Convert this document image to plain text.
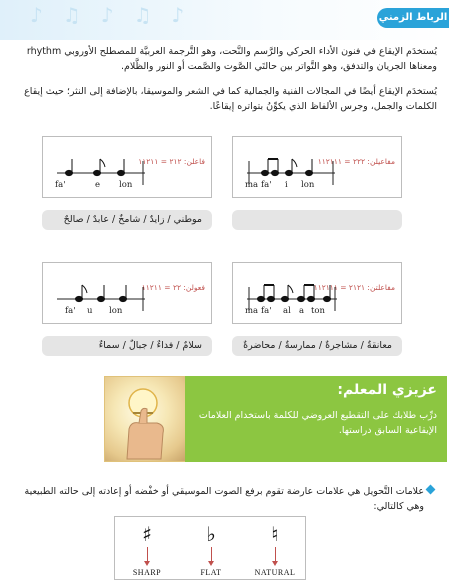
♪♫♪♫♪	الرباط الزمني
يُستخدَم الإيقاع في فنون الأداء الحركي والرَّسم والنَّحت، وهو التَّرجمة العربيَّة للمصطلح الأوروبي rhythm ومعناها الجريان والتدفق، وهو التَّواتر بين حالتَي الصَّوت والصَّمت أو النور والظَّلام.
يُستخدَم الإيقاع أيضًا في المجالات الفنية والجمالية كما في الشعر والموسيقا، بالإضافة إلى النثر؛ حيث إيقاع الكلمات والجمل، وجرس الألفاظ الذي يكوِّنُ بتواتره إيقاعًا.
مفاعيلن: ٢٢٢ = ١١٢١١١
ma fa' i lon
فاعلن: ٢١٢ = ١١٢١١
fa'	e lon
موطني / زايدٌ / شامخٌ / عابدٌ / صالحٌ
مفاعلتن: ٢١٢١ = ١١٢١١١
ma fa' al a ton
معانقةٌ / مشاجرةٌ / ممارسةٌ / محاضرةٌ
فعولن: ٢٢ = ١١٢١١
fa' u lon
سلامٌ / فداءٌ / جبالٌ / سماءٌ
عزيزي المعلم:
درِّب طلابك على التقطيع العروضي للكلمة باستخدام العلامات الإيقاعية السابق دراستها.
علامات التَّحويل هي علامات عارضة تقوم برفع الصوت الموسيقي أو خفْضه أو إعادته إلى حالته الطبيعية وهي كالتالي:
♯
SHARP
♭
FLAT
♮
NATURAL
